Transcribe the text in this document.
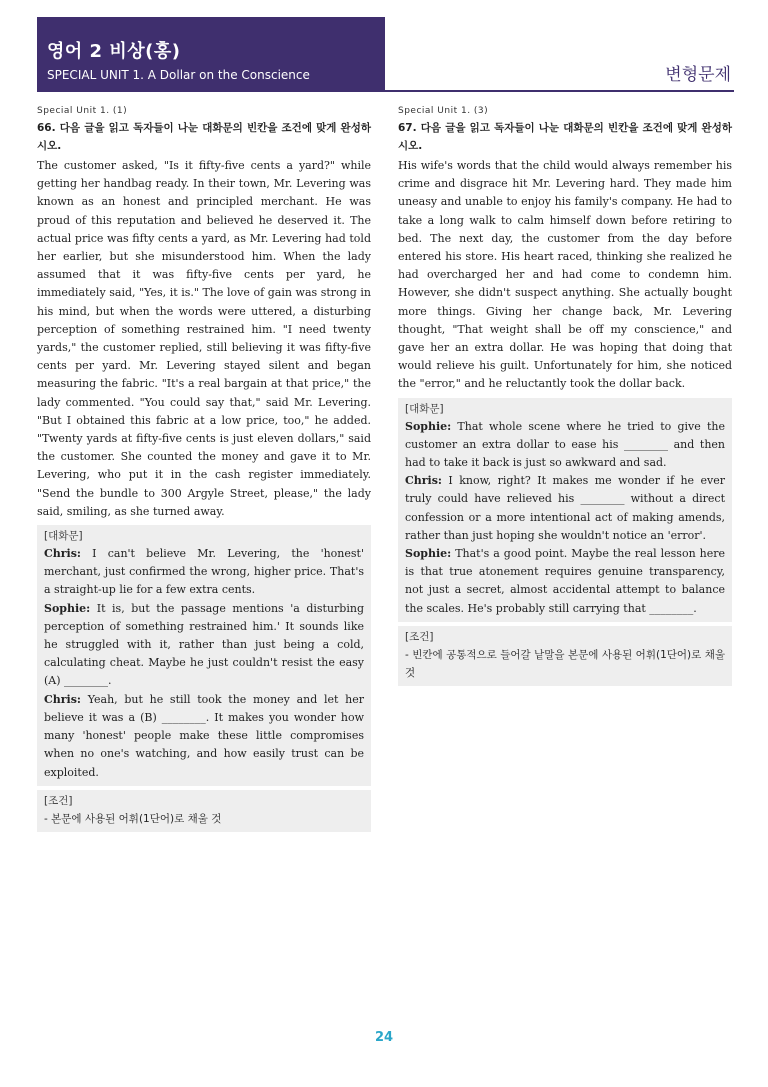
영어 2 비상(홍)
SPECIAL UNIT 1. A Dollar on the Conscience	변형문제
Special Unit 1. (1)
66. 다음 글을 읽고 독자들이 나눈 대화문의 빈칸을 조건에 맞게 완성하시오.
The customer asked, "Is it fifty-five cents a yard?" while getting her handbag ready. In their town, Mr. Levering was known as an honest and principled merchant. He was proud of this reputation and believed he deserved it. The actual price was fifty cents a yard, as Mr. Levering had told her earlier, but she misunderstood him. When the lady assumed that it was fifty-five cents per yard, he immediately said, "Yes, it is." The love of gain was strong in his mind, but when the words were uttered, a disturbing perception of something restrained him. "I need twenty yards," the customer replied, still believing it was fifty-five cents per yard. Mr. Levering stayed silent and began measuring the fabric. "It's a real bargain at that price," the lady commented. "You could say that," said Mr. Levering. "But I obtained this fabric at a low price, too," he added. "Twenty yards at fifty-five cents is just eleven dollars," said the customer. She counted the money and gave it to Mr. Levering, who put it in the cash register immediately. "Send the bundle to 300 Argyle Street, please," the lady said, smiling, as she turned away.
[대화문]
Chris: I can't believe Mr. Levering, the 'honest' merchant, just confirmed the wrong, higher price. That's a straight-up lie for a few extra cents.
Sophie: It is, but the passage mentions 'a disturbing perception of something restrained him.' It sounds like he struggled with it, rather than just being a cold, calculating cheat. Maybe he just couldn't resist the easy (A) ________.
Chris: Yeah, but he still took the money and let her believe it was a (B) ________. It makes you wonder how many 'honest' people make these little compromises when no one's watching, and how easily trust can be exploited.
[조건]
- 본문에 사용된 어휘(1단어)로 채울 것
Special Unit 1. (3)
67. 다음 글을 읽고 독자들이 나눈 대화문의 빈칸을 조건에 맞게 완성하시오.
His wife's words that the child would always remember his crime and disgrace hit Mr. Levering hard. They made him uneasy and unable to enjoy his family's company. He had to take a long walk to calm himself down before retiring to bed. The next day, the customer from the day before entered his store. His heart raced, thinking she realized he had overcharged her and had come to condemn him. However, she didn't suspect anything. She actually bought more things. Giving her change back, Mr. Levering thought, "That weight shall be off my conscience," and gave her an extra dollar. He was hoping that doing that would relieve his guilt. Unfortunately for him, she noticed the "error," and he reluctantly took the dollar back.
[대화문]
Sophie: That whole scene where he tried to give the customer an extra dollar to ease his ________ and then had to take it back is just so awkward and sad.
Chris: I know, right? It makes me wonder if he ever truly could have relieved his ________ without a direct confession or a more intentional act of making amends, rather than just hoping she wouldn't notice an 'error'.
Sophie: That's a good point. Maybe the real lesson here is that true atonement requires genuine transparency, not just a secret, almost accidental attempt to balance the scales. He's probably still carrying that ________.
[조건]
- 빈칸에 공통적으로 들어갈 낱말을 본문에 사용된 어휘(1단어)로 채울 것
24
